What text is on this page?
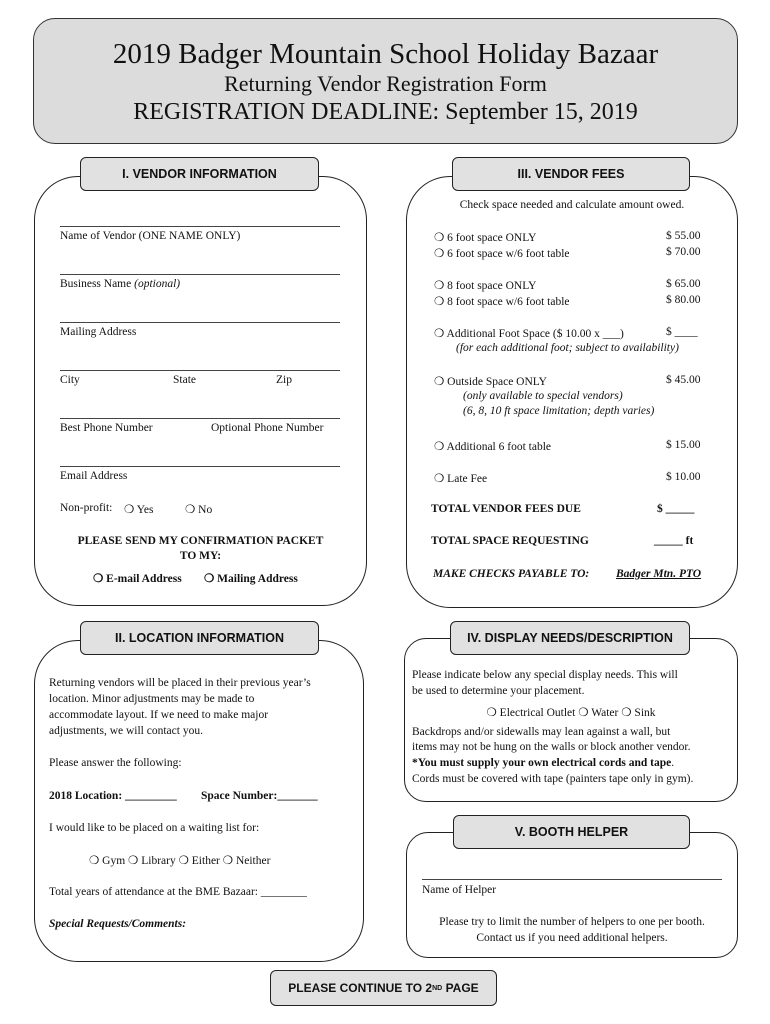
2019 Badger Mountain School Holiday Bazaar
Returning Vendor Registration Form
REGISTRATION DEADLINE: September 15, 2019
I. VENDOR INFORMATION
Name of Vendor (ONE NAME ONLY)
Business Name (optional)
Mailing Address
City	State	Zip
Best Phone Number	Optional Phone Number
Email Address
Non-profit: ❍ Yes	❍ No
PLEASE SEND MY CONFIRMATION PACKET
TO MY:
❍ E-mail Address ❍ Mailing Address
III. VENDOR FEES
Check space needed and calculate amount owed.
❍ 6 foot space ONLY	$ 55.00
❍ 6 foot space w/6 foot table	$ 70.00
❍ 8 foot space ONLY	$ 65.00
❍ 8 foot space w/6 foot table	$ 80.00
❍ Additional Foot Space ($ 10.00 x ___)	$ ____
(for each additional foot; subject to availability)
❍ Outside Space ONLY	$ 45.00
(only available to special vendors)
(6, 8, 10 ft space limitation; depth varies)
❍ Additional 6 foot table	$ 15.00
❍ Late Fee	$ 10.00
TOTAL VENDOR FEES DUE	$ _____
TOTAL SPACE REQUESTING	_____ ft
MAKE CHECKS PAYABLE TO: Badger Mtn. PTO
II. LOCATION INFORMATION
Returning vendors will be placed in their previous year’s
location. Minor adjustments may be made to
accommodate layout. If we need to make major
adjustments, we will contact you.
Please answer the following:
2018 Location: _________ Space Number:_______
I would like to be placed on a waiting list for:
❍ Gym ❍ Library ❍ Either ❍ Neither
Total years of attendance at the BME Bazaar: ________
Special Requests/Comments:
IV. DISPLAY NEEDS/DESCRIPTION
Please indicate below any special display needs. This will
be used to determine your placement.
❍ Electrical Outlet ❍ Water ❍ Sink
Backdrops and/or sidewalls may lean against a wall, but
items may not be hung on the walls or block another vendor.
*You must supply your own electrical cords and tape.
Cords must be covered with tape (painters tape only in gym).
V. BOOTH HELPER
Name of Helper
Please try to limit the number of helpers to one per booth.
Contact us if you need additional helpers.
PLEASE CONTINUE TO 2 ND PAGE
